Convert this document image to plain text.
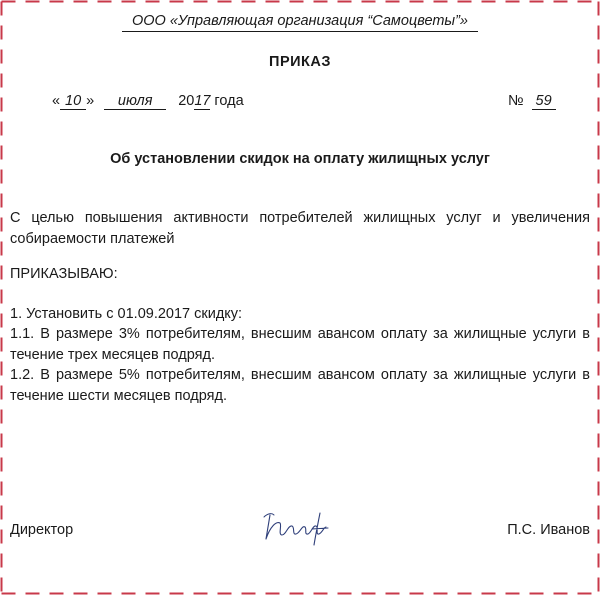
ООО «Управляющая организация “Самоцветы”»
ПРИКАЗ
« 10 » июля 2017 года	№ 59
Об установлении скидок на оплату жилищных услуг
С целью повышения активности потребителей жилищных услуг и увеличения собираемости платежей
ПРИКАЗЫВАЮ:
1. Установить с 01.09.2017 скидку:
1.1. В размере 3% потребителям, внесшим авансом оплату за жилищные услуги в течение трех месяцев подряд.
1.2. В размере 5% потребителям, внесшим авансом оплату за жилищные услуги в течение шести месяцев подряд.
Директор	П.С. Иванов
